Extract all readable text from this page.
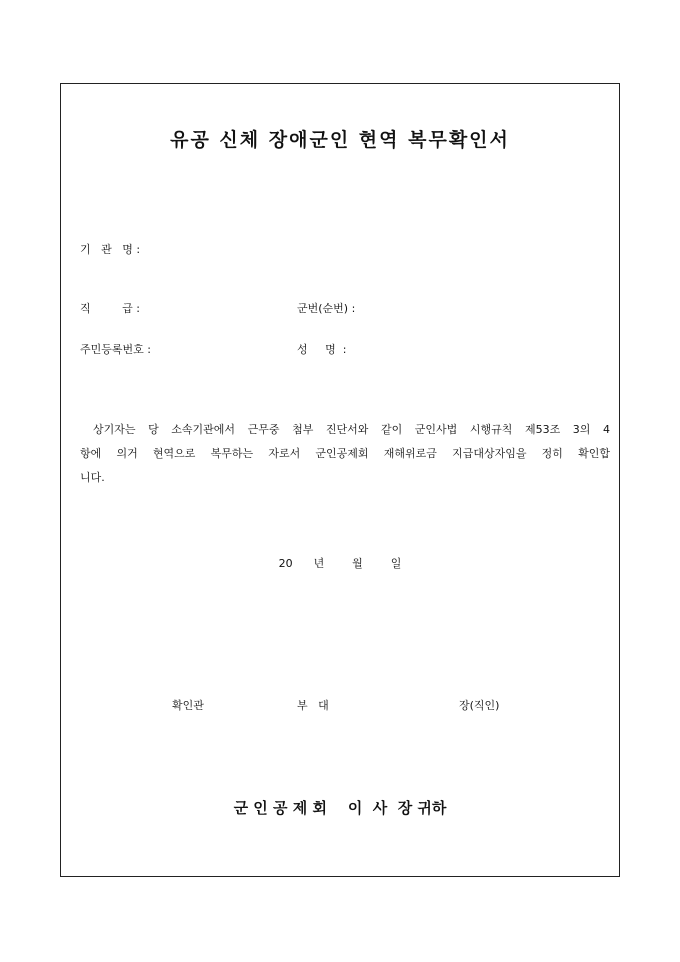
유공 신체 장애군인 현역 복무확인서
기   관   명 :
직         급 :	군번(순번) :
주민등록번호 :	성     명  :
상기자는 당 소속기관에서 근무중 첨부 진단서와 같이 군인사법 시행규칙 제53조 3의 4
항에 의거 현역으로 복무하는 자로서 군인공제회 재해위로금 지급대상자임을 정히 확인합
니다.
20      년        월        일
확인관	부   대	장(직인)
군 인 공 제 회    이  사  장 귀하
